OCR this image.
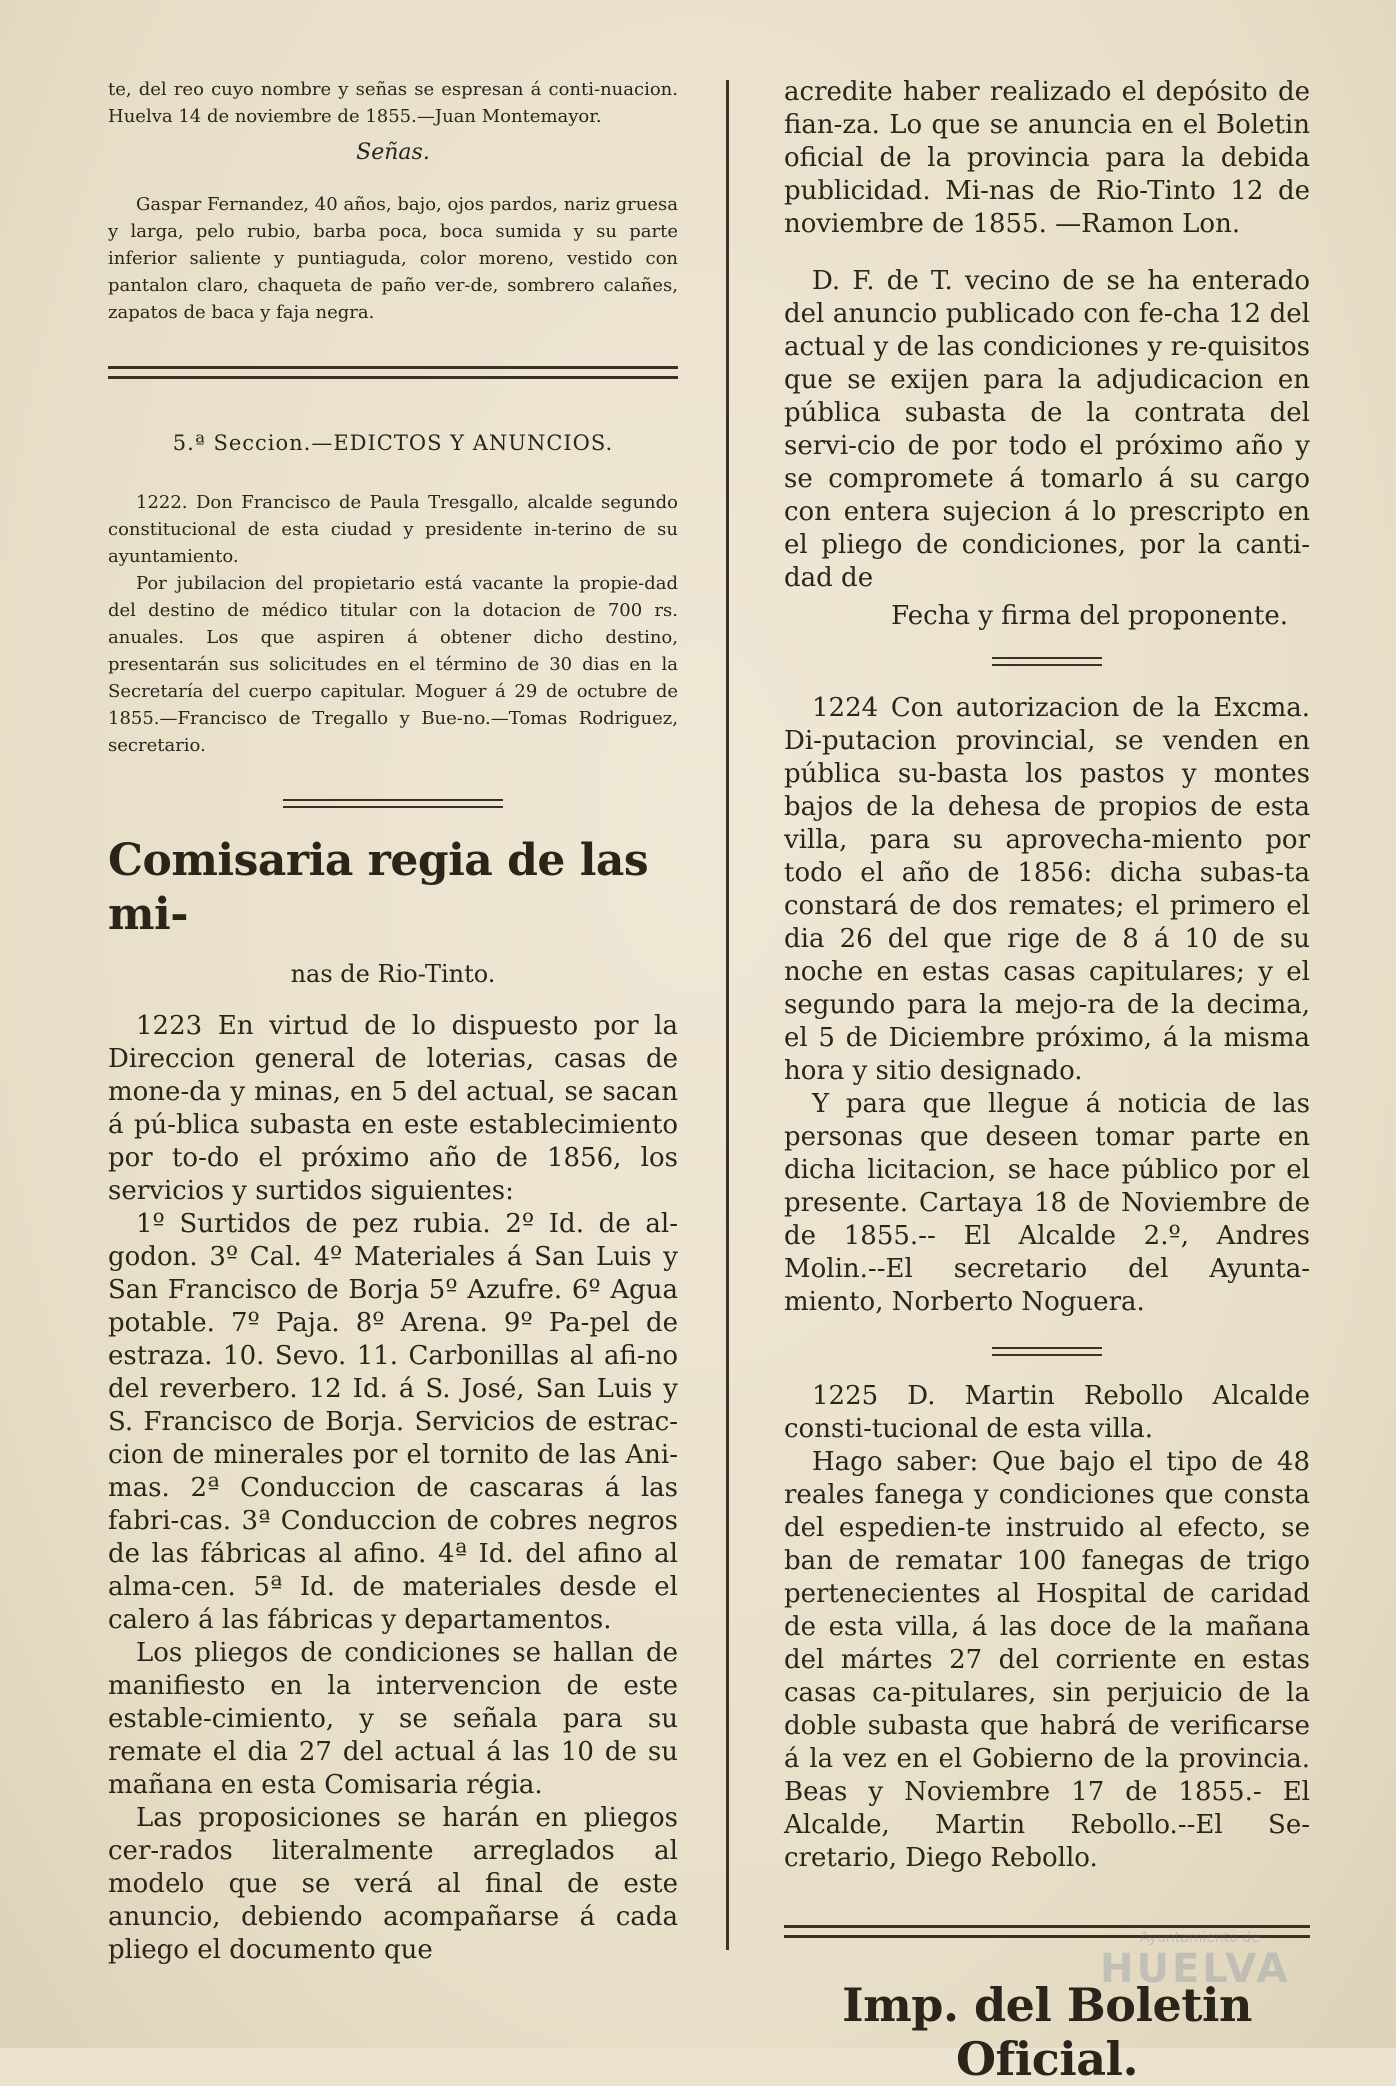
te, del reo cuyo nombre y señas se espresan á conti-nuacion. Huelva 14 de noviembre de 1855.—Juan Montemayor.

Señas.

Gaspar Fernandez, 40 años, bajo, ojos pardos, nariz gruesa y larga, pelo rubio, barba poca, boca sumida y su parte inferior saliente y puntiaguda, color moreno, vestido con pantalon claro, chaqueta de paño ver-de, sombrero calañes, zapatos de baca y faja negra.

5.ª Seccion.—EDICTOS Y ANUNCIOS.

1222. Don Francisco de Paula Tresgallo, alcalde segundo constitucional de esta ciudad y presidente in-terino de su ayuntamiento.

Por jubilacion del propietario está vacante la propie-dad del destino de médico titular con la dotacion de 700 rs. anuales. Los que aspiren á obtener dicho destino, presentarán sus solicitudes en el término de 30 dias en la Secretaría del cuerpo capitular. Moguer á 29 de octubre de 1855.—Francisco de Tregallo y Bue-no.—Tomas Rodriguez, secretario.

Comisaria regia de las mi-

nas de Rio-Tinto.

1223 En virtud de lo dispuesto por la Direccion general de loterias, casas de mone-da y minas, en 5 del actual, se sacan á pú-blica subasta en este establecimiento por to-do el próximo año de 1856, los servicios y surtidos siguientes:

1º Surtidos de pez rubia. 2º Id. de al-godon. 3º Cal. 4º Materiales á San Luis y San Francisco de Borja 5º Azufre. 6º Agua potable. 7º Paja. 8º Arena. 9º Pa-pel de estraza. 10. Sevo. 11. Carbonillas al afi-no del reverbero. 12 Id. á S. José, San Luis y S. Francisco de Borja. Servicios de estrac-cion de minerales por el tornito de las Ani-mas. 2ª Conduccion de cascaras á las fabri-cas. 3ª Conduccion de cobres negros de las fábricas al afino. 4ª Id. del afino al alma-cen. 5ª Id. de materiales desde el calero á las fábricas y departamentos.

Los pliegos de condiciones se hallan de manifiesto en la intervencion de este estable-cimiento, y se señala para su remate el dia 27 del actual á las 10 de su mañana en esta Comisaria régia.

Las proposiciones se harán en pliegos cer-rados literalmente arreglados al modelo que se verá al final de este anuncio, debiendo acompañarse á cada pliego el documento que

acredite haber realizado el depósito de fian-za. Lo que se anuncia en el Boletin oficial de la provincia para la debida publicidad. Mi-nas de Rio-Tinto 12 de noviembre de 1855. —Ramon Lon.

D. F. de T. vecino de se ha enterado del anuncio publicado con fe-cha 12 del actual y de las condiciones y re-quisitos que se exijen para la adjudicacion en pública subasta de la contrata del servi-cio de por todo el próximo año y se compromete á tomarlo á su cargo con entera sujecion á lo prescripto en el pliego de condiciones, por la canti-dad de

Fecha y firma del proponente.

1224 Con autorizacion de la Excma. Di-putacion provincial, se venden en pública su-basta los pastos y montes bajos de la dehesa de propios de esta villa, para su aprovecha-miento por todo el año de 1856: dicha subas-ta constará de dos remates; el primero el dia 26 del que rige de 8 á 10 de su noche en estas casas capitulares; y el segundo para la mejo-ra de la decima, el 5 de Diciembre próximo, á la misma hora y sitio designado.

Y para que llegue á noticia de las personas que deseen tomar parte en dicha licitacion, se hace público por el presente. Cartaya 18 de Noviembre de de 1855.-- El Alcalde 2.º, Andres Molin.--El secretario del Ayunta-miento, Norberto Noguera.

1225 D. Martin Rebollo Alcalde consti-tucional de esta villa.

Hago saber: Que bajo el tipo de 48 reales fanega y condiciones que consta del espedien-te instruido al efecto, se ban de rematar 100 fanegas de trigo pertenecientes al Hospital de caridad de esta villa, á las doce de la mañana del mártes 27 del corriente en estas casas ca-pitulares, sin perjuicio de la doble subasta que habrá de verificarse á la vez en el Gobierno de la provincia. Beas y Noviembre 17 de 1855.- El Alcalde, Martin Rebollo.--El Se-cretario, Diego Rebollo.

Imp. del Boletin Oficial.

Ayuntamiento de
HUELVA
